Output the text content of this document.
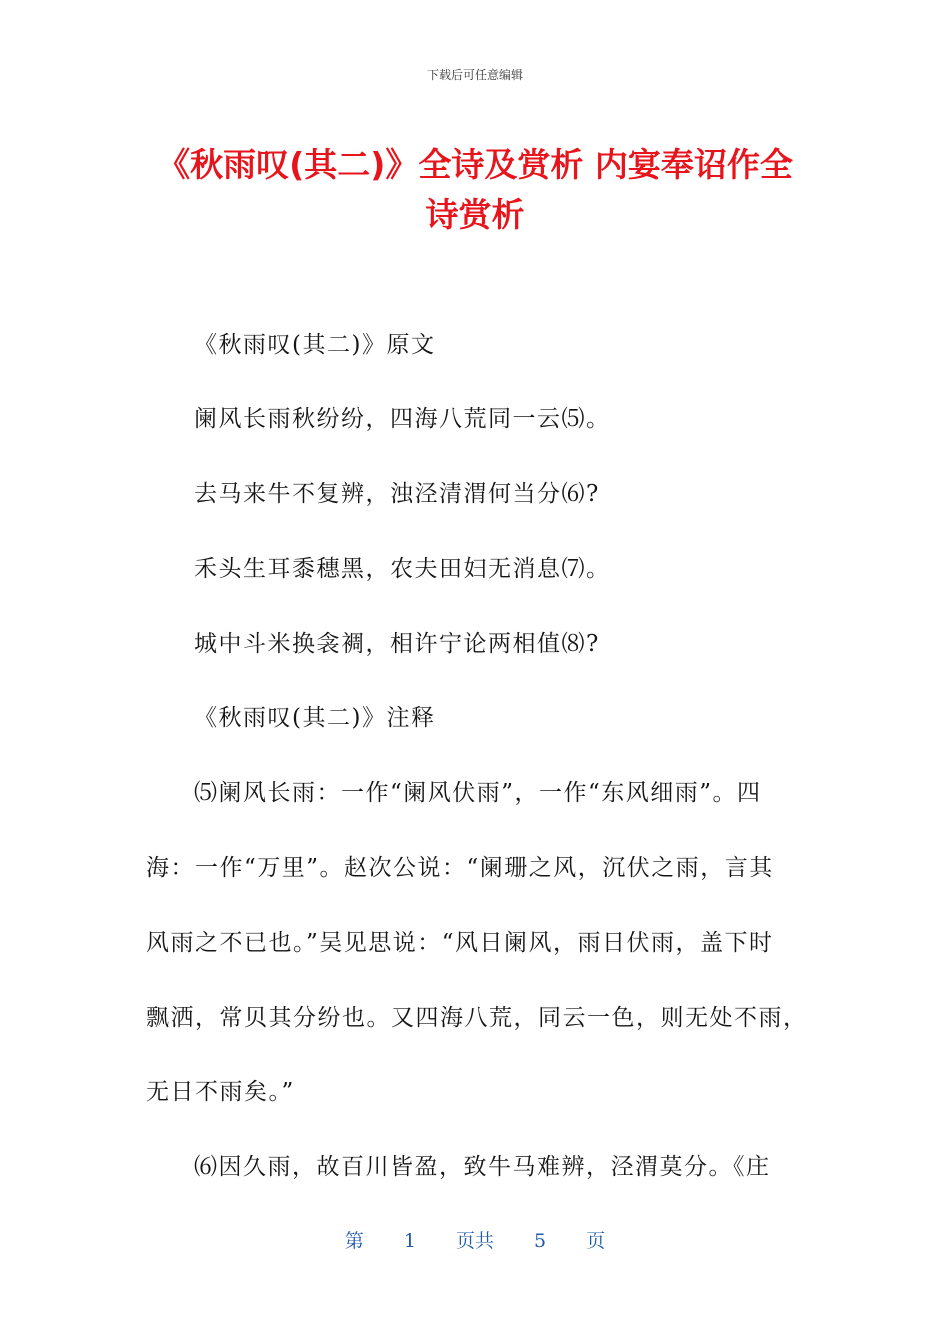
下载后可任意编辑
《秋雨叹(其二)》全诗及赏析 内宴奉诏作全
诗赏析
《秋雨叹(其二)》原文
阑风长雨秋纷纷，四海八荒同一云⑸。
去马来牛不复辨，浊泾清渭何当分⑹?
禾头生耳黍穗黑，农夫田妇无消息⑺。
城中斗米换衾裯，相许宁论两相值⑻?
《秋雨叹(其二)》注释
⑸阑风长雨：一作“阑风伏雨”，一作“东风细雨”。四
海：一作“万里”。赵次公说：“阑珊之风，沉伏之雨，言其
风雨之不已也。”吴见思说：“风日阑风，雨日伏雨，盖下时
飘洒，常贝其分纷也。又四海八荒，同云一色，则无处不雨，
无日不雨矣。”
⑹因久雨，故百川皆盈，致牛马难辨，泾渭莫分。《庄
第 1 页共 5 页
